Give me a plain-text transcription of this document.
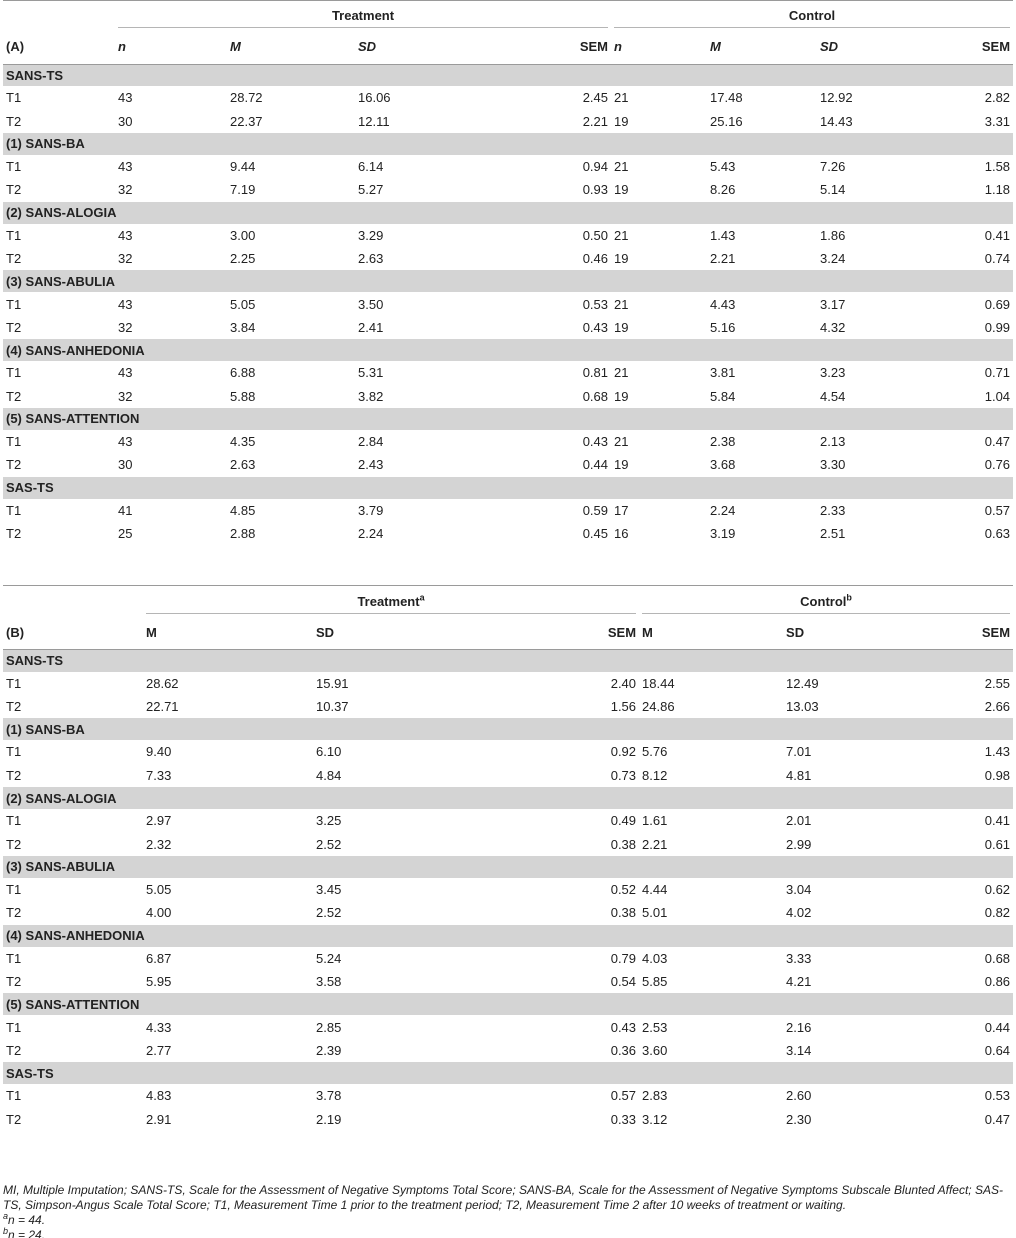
	Treatment				Control			

(A)	n	M	SD	SEM	n	M	SD	SEM
SANS-TS								
T1	43	28.72	16.06	2.45	21	17.48	12.92	2.82
T2	30	22.37	12.11	2.21	19	25.16	14.43	3.31
(1) SANS-BA								
T1	43	9.44	6.14	0.94	21	5.43	7.26	1.58
T2	32	7.19	5.27	0.93	19	8.26	5.14	1.18
(2) SANS-ALOGIA								
T1	43	3.00	3.29	0.50	21	1.43	1.86	0.41
T2	32	2.25	2.63	0.46	19	2.21	3.24	0.74
(3) SANS-ABULIA								
T1	43	5.05	3.50	0.53	21	4.43	3.17	0.69
T2	32	3.84	2.41	0.43	19	5.16	4.32	0.99
(4) SANS-ANHEDONIA								
T1	43	6.88	5.31	0.81	21	3.81	3.23	0.71
T2	32	5.88	3.82	0.68	19	5.84	4.54	1.04
(5) SANS-ATTENTION								
T1	43	4.35	2.84	0.43	21	2.38	2.13	0.47
T2	30	2.63	2.43	0.44	19	3.68	3.30	0.76
SAS-TS								
T1	41	4.85	3.79	0.59	17	2.24	2.33	0.57
T2	25	2.88	2.24	0.45	16	3.19	2.51	0.63

	Treatment$^a$			Control$^b$

(B)	M	SD	SEM	M	SD	SEM
SANS-TS						
T1	28.62	15.91	2.40	18.44	12.49	2.55
T2	22.71	10.37	1.56	24.86	13.03	2.66
(1) SANS-BA						
T1	9.40	6.10	0.92	5.76	7.01	1.43
T2	7.33	4.84	0.73	8.12	4.81	0.98
(2) SANS-ALOGIA						
T1	2.97	3.25	0.49	1.61	2.01	0.41
T2	2.32	2.52	0.38	2.21	2.99	0.61
(3) SANS-ABULIA						
T1	5.05	3.45	0.52	4.44	3.04	0.62
T2	4.00	2.52	0.38	5.01	4.02	0.82
(4) SANS-ANHEDONIA						
T1	6.87	5.24	0.79	4.03	3.33	0.68
T2	5.95	3.58	0.54	5.85	4.21	0.86
(5) SANS-ATTENTION						
T1	4.33	2.85	0.43	2.53	2.16	0.44
T2	2.77	2.39	0.36	3.60	3.14	0.64
SAS-TS						
T1	4.83	3.78	0.57	2.83	2.60	0.53
T2	2.91	2.19	0.33	3.12	2.30	0.47

MI, Multiple Imputation; SANS-TS, Scale for the Assessment of Negative Symptoms Total Score; SANS-BA, Scale for the Assessment of Negative Symptoms Subscale Blunted Affect; SAS-TS, Simpson-Angus Scale Total Score; T1, Measurement Time 1 prior to the treatment period; T2, Measurement Time 2 after 10 weeks of treatment or waiting.

$^a$n = 44.

$^b$n = 24.
